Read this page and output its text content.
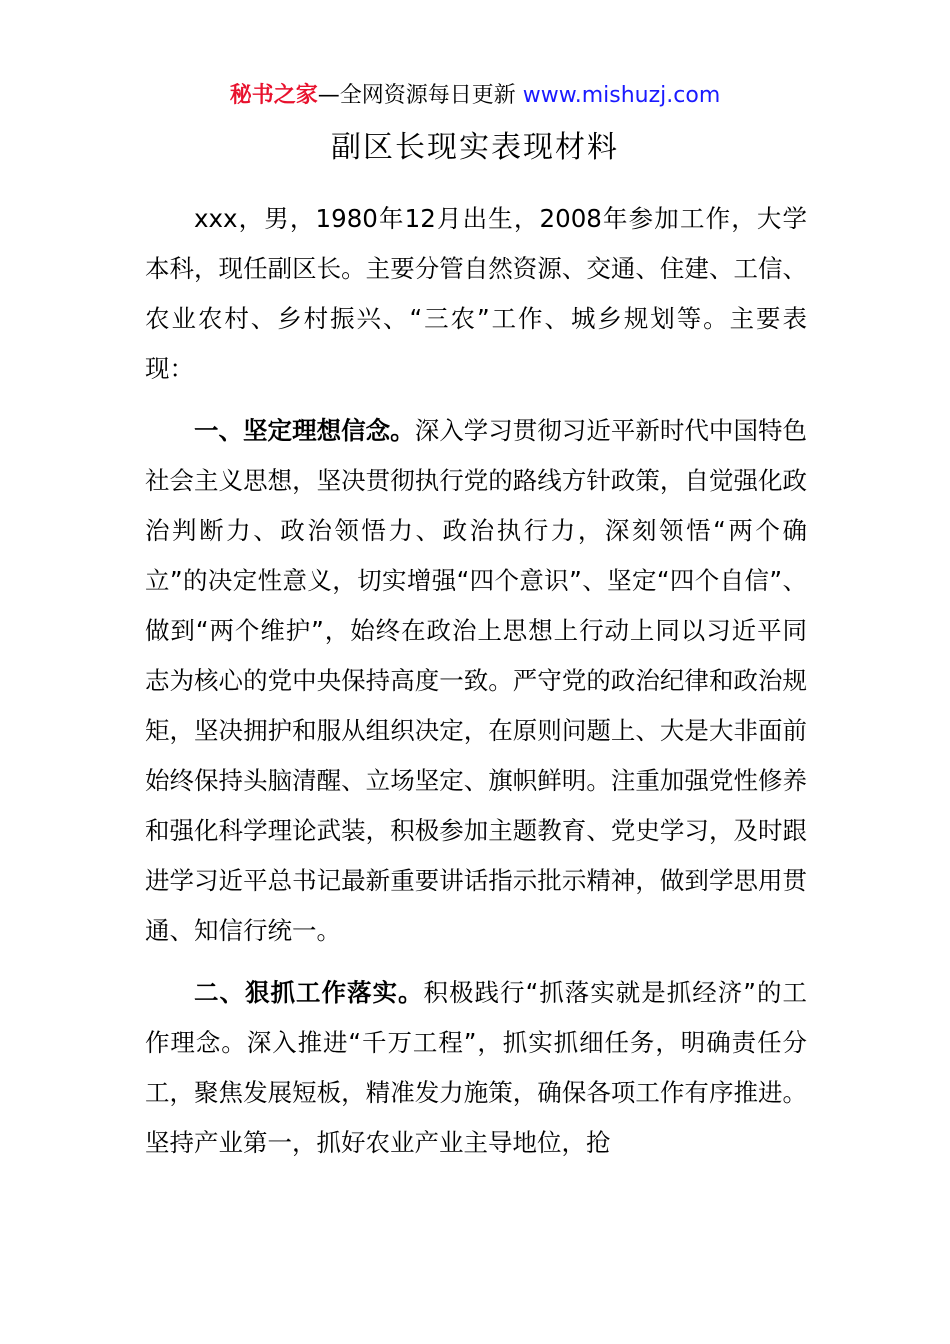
秘书之家—全网资源每日更新 www.mishuzj.com
副区长现实表现材料

xxx，男，1980年12月出生，2008年参加工作，大学本科，现任副区长。主要分管自然资源、交通、住建、工信、农业农村、乡村振兴、“三农”工作、城乡规划等。主要表现：

一、坚定理想信念。深入学习贯彻习近平新时代中国特色社会主义思想，坚决贯彻执行党的路线方针政策，自觉强化政治判断力、政治领悟力、政治执行力，深刻领悟“两个确立”的决定性意义，切实增强“四个意识”、坚定“四个自信”、做到“两个维护”，始终在政治上思想上行动上同以习近平同志为核心的党中央保持高度一致。严守党的政治纪律和政治规矩，坚决拥护和服从组织决定，在原则问题上、大是大非面前始终保持头脑清醒、立场坚定、旗帜鲜明。注重加强党性修养和强化科学理论武装，积极参加主题教育、党史学习，及时跟进学习近平总书记最新重要讲话指示批示精神，做到学思用贯通、知信行统一。

二、狠抓工作落实。积极践行“抓落实就是抓经济”的工作理念。深入推进“千万工程”，抓实抓细任务，明确责任分工，聚焦发展短板，精准发力施策，确保各项工作有序推进。坚持产业第一，抓好农业产业主导地位，抢
